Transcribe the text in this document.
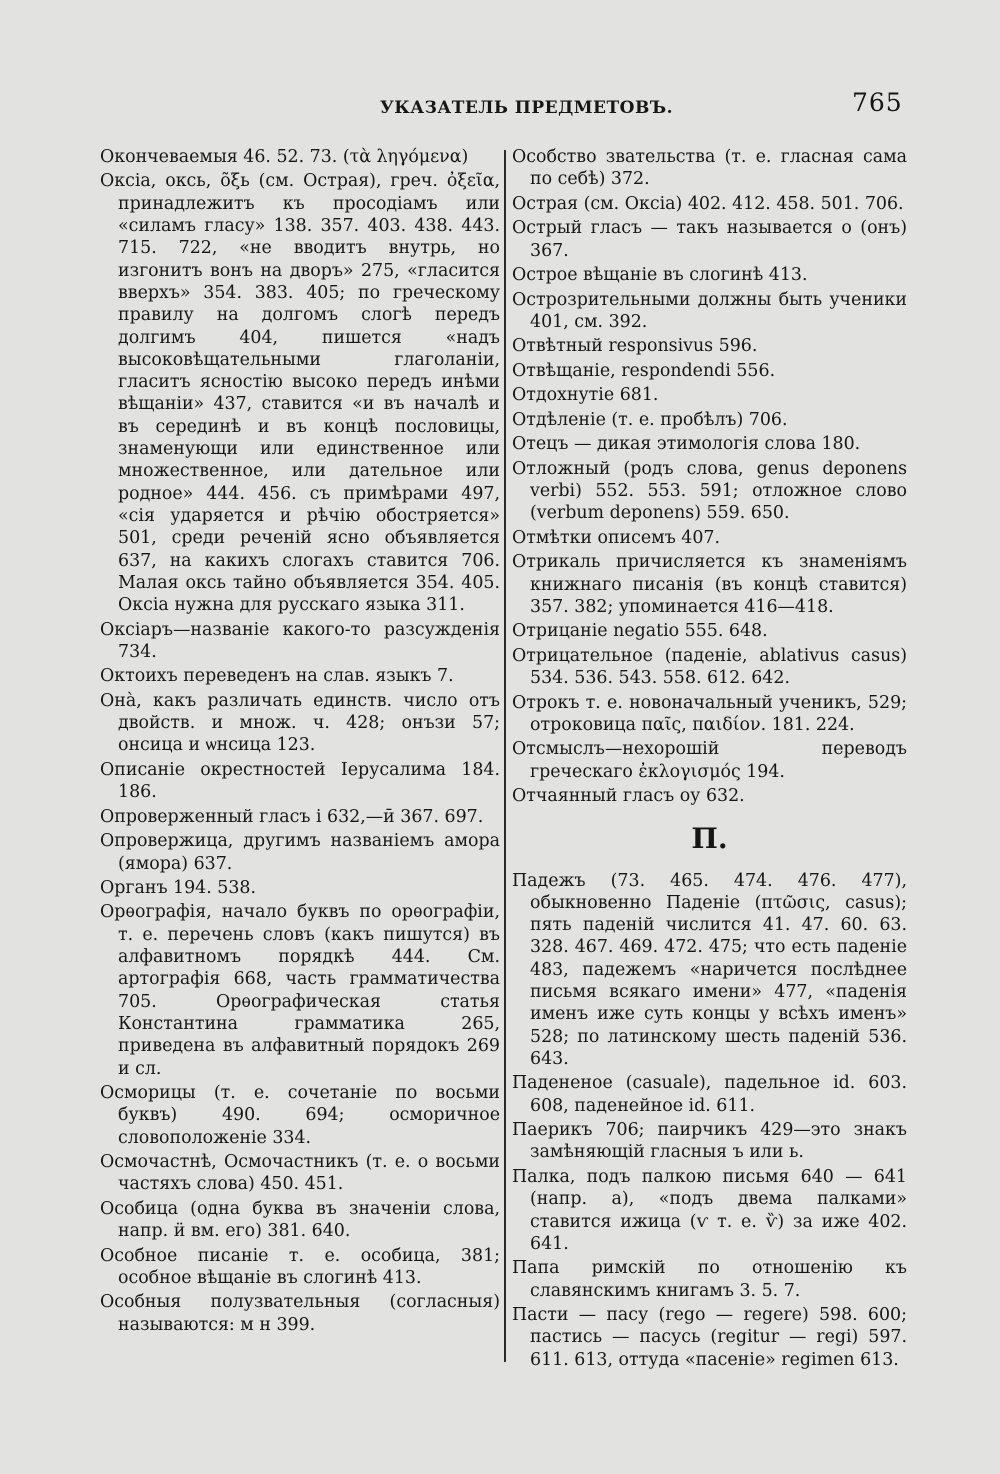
УКАЗАТЕЛЬ ПРЕДМЕТОВЪ.	765

Окончеваемыя 46. 52. 73. (τὰ ληγόμενα)

Оксіа, оксь, о̃ξь (см. Острая), греч. ὀξεῖα, принадлежитъ къ просодіамъ или «силамъ гласу» 138. 357. 403. 438. 443. 715. 722, «не вводитъ внутрь, но изгонитъ вонъ на дворъ» 275, «гласится вверхъ» 354. 383. 405; по греческому правилу на долгомъ слогѣ передъ долгимъ 404, пишется «надъ высоковѣщательными глаголаніи, гласитъ ясностію высоко передъ инѣми вѣщаніи» 437, ставится «и въ началѣ и въ серединѣ и въ концѣ пословицы, знаменующи или единственное или множественное, или дательное или родное» 444. 456. съ примѣрами 497, «сія ударяется и рѣчію обостряется» 501, среди реченій ясно объявляется 637, на какихъ слогахъ ставится 706. Малая оксь тайно объявляется 354. 405. Оксіа нужна для русскаго языка 311.

Оксіаръ—названіе какого-то разсужденія 734.

Октоихъ переведенъ на слав. языкъ 7.

Онà, какъ различать единств. число отъ двойств. и множ. ч. 428; онъзи 57; онсица и ѡнсица 123.

Описаніе окрестностей Іерусалима 184. 186.

Опроверженный гласъ і 632,—ӣ 367. 697.

Опровержица, другимъ названіемъ амора (ямора) 637.

Органъ 194. 538.

Орѳографія, начало буквъ по орѳографіи, т. е. перечень словъ (какъ пишутся) въ алфавитномъ порядкѣ 444. См. артографія 668, часть грамматичества 705. Орѳографическая статья Константина грамматика 265, приведена въ алфавитный порядокъ 269 и сл.

Осморицы (т. е. сочетаніе по восьми буквъ) 490. 694; осморичное словоположеніе 334.

Осмочастнѣ, Осмочастникъ (т. е. о восьми частяхъ слова) 450. 451.

Особица (одна буква въ значеніи слова, напр. ӥ вм. его) 381. 640.

Особное писаніе т. е. особица, 381; особное вѣщаніе въ слогинѣ 413.

Особныя полузвательныя (согласныя) называются: м н 399.

Особство звательства (т. е. гласная сама по себѣ) 372.

Острая (см. Оксіа) 402. 412. 458. 501. 706.

Острый гласъ — такъ называется о (онъ) 367.

Острое вѣщаніе въ слогинѣ 413.

Острозрительными должны быть ученики 401, см. 392.

Отвѣтный responsivus 596.

Отвѣщаніе, respondendi 556.

Отдохнутіе 681.

Отдѣленіе (т. е. пробѣлъ) 706.

Отецъ — дикая этимологія слова 180.

Отложный (родъ слова, genus deponens verbi) 552. 553. 591; отложное слово (verbum deponens) 559. 650.

Отмѣтки описемъ 407.

Отрикаль причисляется къ знаменіямъ книжнаго писанія (въ концѣ ставится) 357. 382; упоминается 416—418.

Отрицаніе negatio 555. 648.

Отрицательное (паденіе, ablativus casus) 534. 536. 543. 558. 612. 642.

Отрокъ т. е. новоначальный ученикъ, 529; отроковица παῖς, παιδίον. 181. 224.

Отсмыслъ—нехорошій переводъ греческаго ἐκλογισμός 194.

Отчаянный гласъ оу 632.

П.

Падежъ (73. 465. 474. 476. 477), обыкновенно Паденіе (πτῶσις, casus); пять паденій числится 41. 47. 60. 63. 328. 467. 469. 472. 475; что есть паденіе 483, падежемъ «наричется послѣднее письмя всякаго имени» 477, «паденія именъ иже суть концы у всѣхъ именъ» 528; по латинскому шесть паденій 536. 643.

Падененое (casuale), падельное id. 603. 608, паденейное id. 611.

Паерикъ 706; паирчикъ 429—это знакъ замѣняющій гласныя ъ или ь.

Палка, подъ палкою письмя 640 — 641 (напр. а), «подъ двема палками» ставится ижица (ѵ т. е. ѷ) за иже 402. 641.

Папа римскій по отношенію къ славянскимъ книгамъ 3. 5. 7.

Пасти — пасу (rego — regere) 598. 600; пастись — пасусь (regitur — regi) 597. 611. 613, оттуда «пасеніе» regimen 613.
